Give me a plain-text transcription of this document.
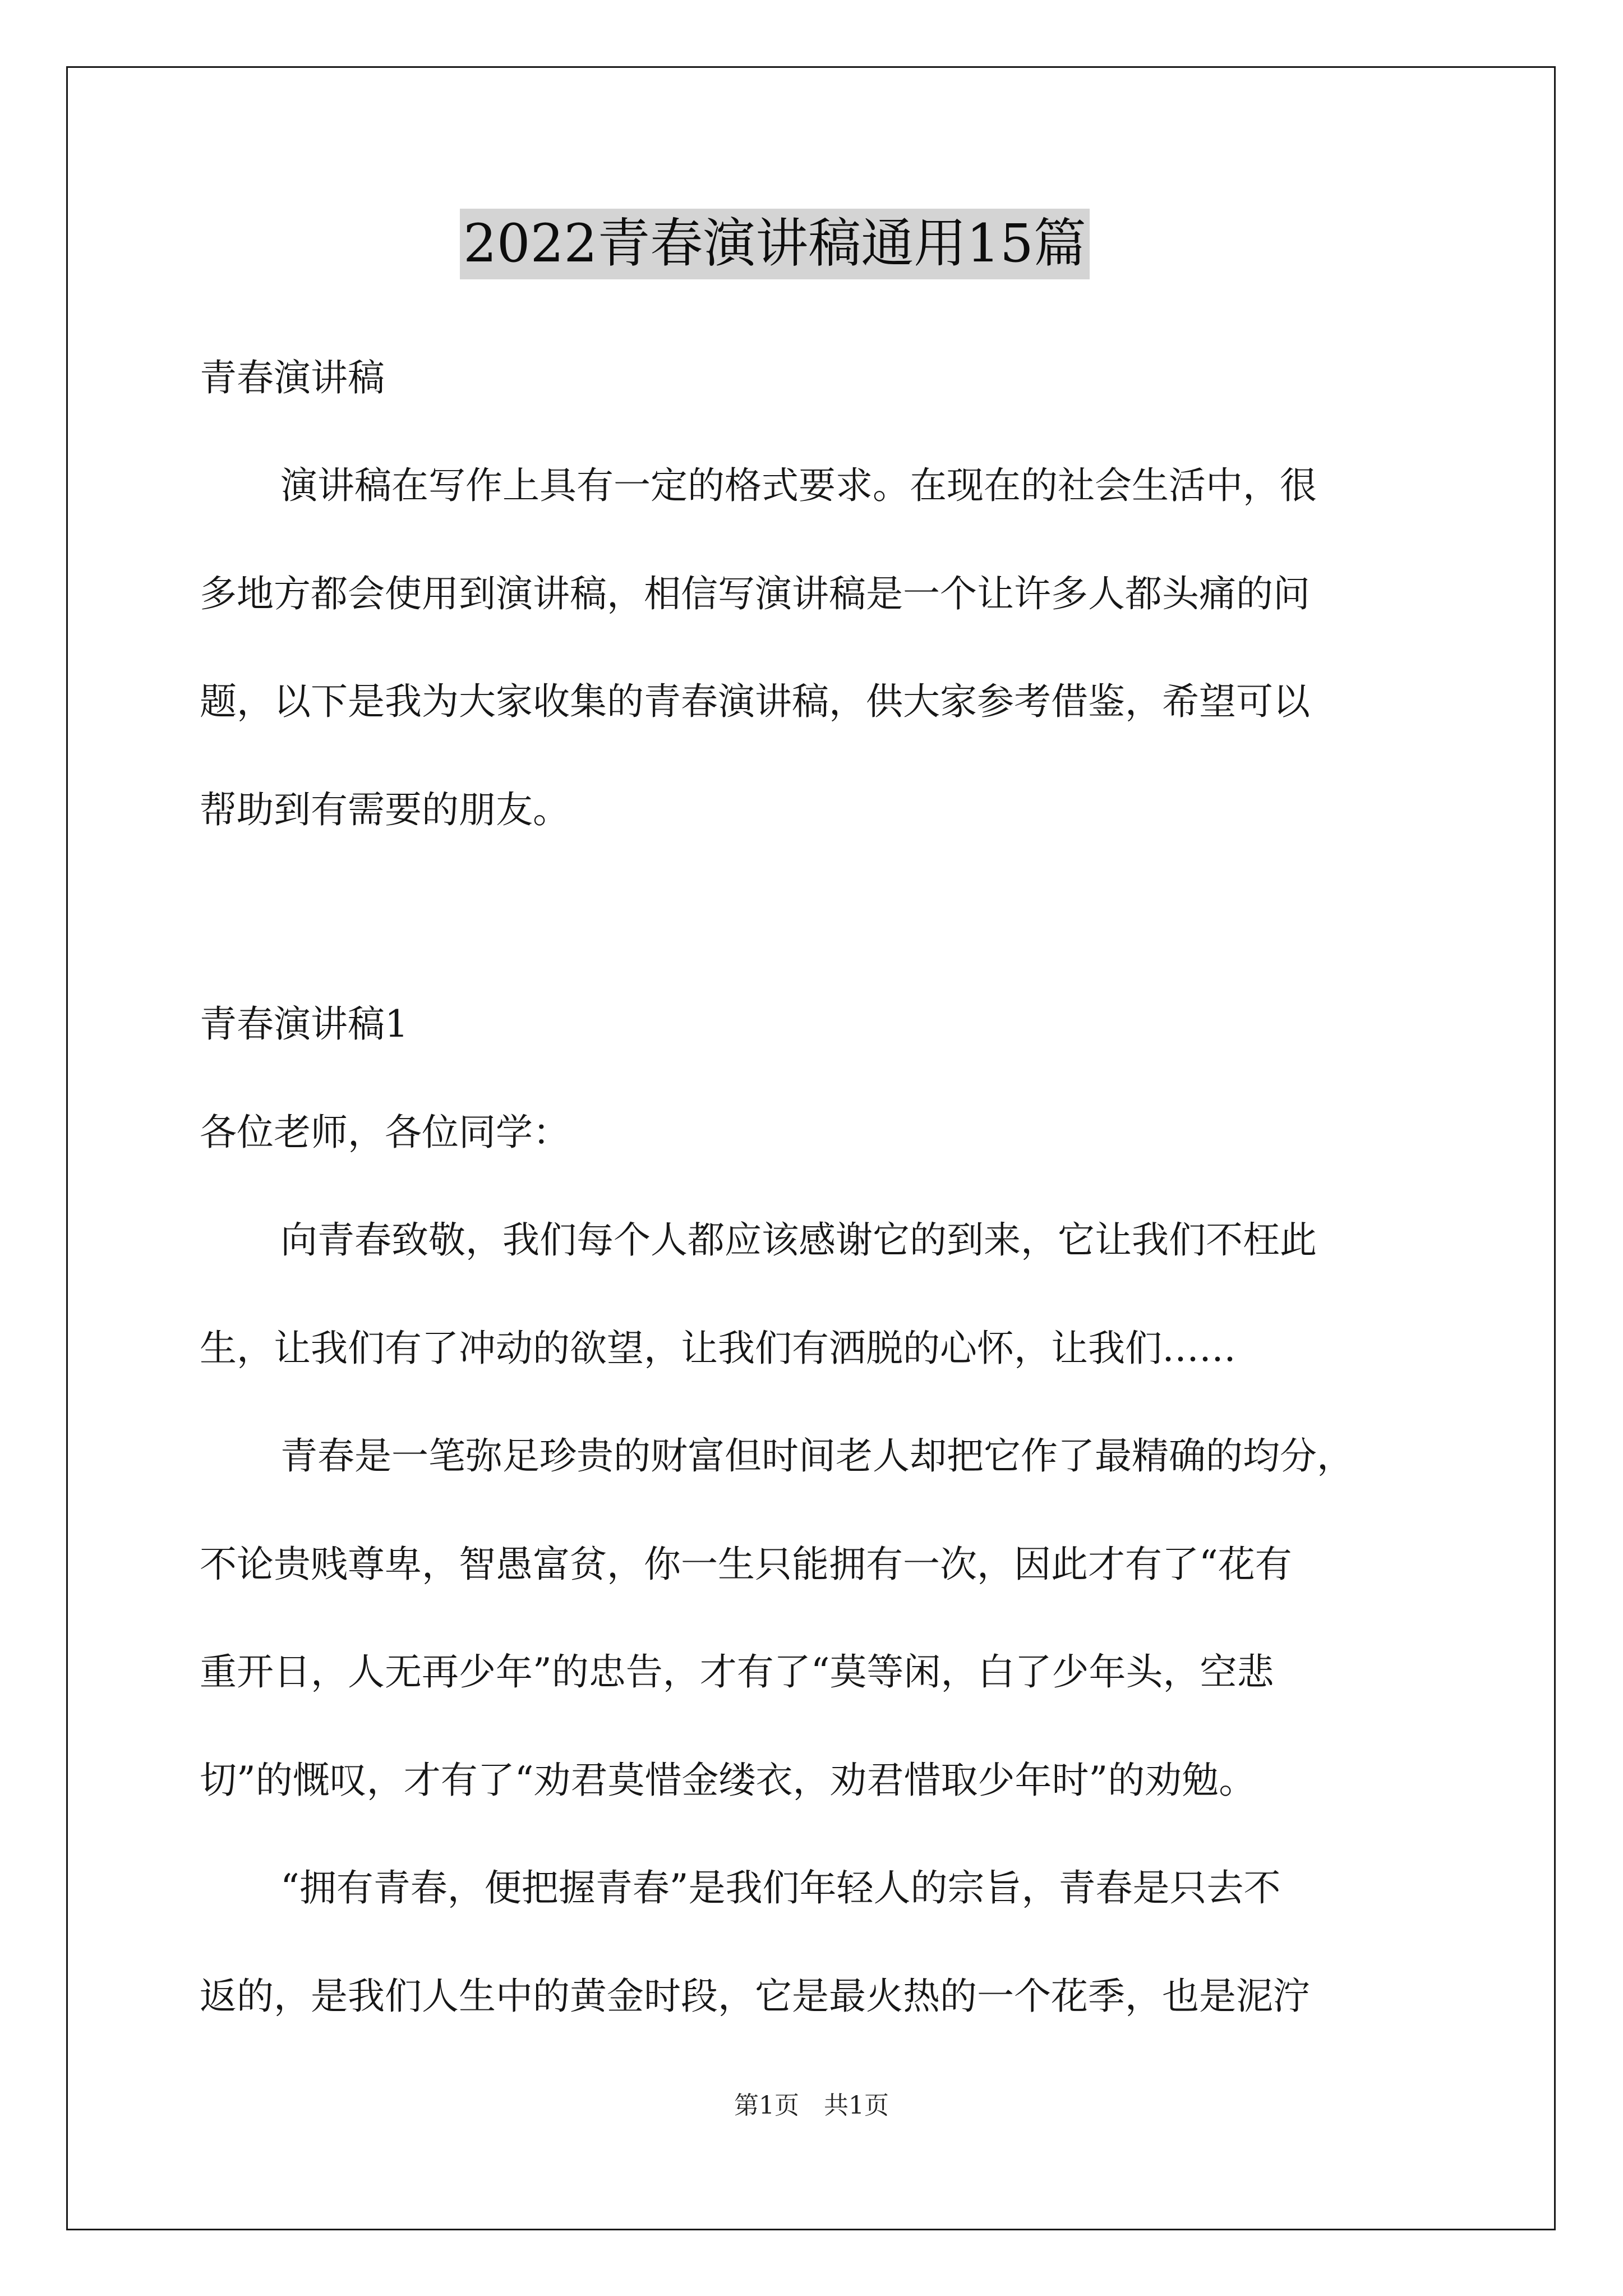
2022青春演讲稿通用15篇
青春演讲稿
演讲稿在写作上具有一定的格式要求。在现在的社会生活中，很
多地方都会使用到演讲稿，相信写演讲稿是一个让许多人都头痛的问
题，以下是我为大家收集的青春演讲稿，供大家参考借鉴，希望可以
帮助到有需要的朋友。
青春演讲稿1
各位老师，各位同学：
向青春致敬，我们每个人都应该感谢它的到来，它让我们不枉此
生，让我们有了冲动的欲望，让我们有洒脱的心怀，让我们……
青春是一笔弥足珍贵的财富但时间老人却把它作了最精确的均分，
不论贵贱尊卑，智愚富贫，你一生只能拥有一次，因此才有了“花有
重开日，人无再少年”的忠告，才有了“莫等闲，白了少年头，空悲
切”的慨叹，才有了“劝君莫惜金缕衣，劝君惜取少年时”的劝勉。
“拥有青春，便把握青春”是我们年轻人的宗旨，青春是只去不
返的，是我们人生中的黄金时段，它是最火热的一个花季，也是泥泞
第1页　共1页
